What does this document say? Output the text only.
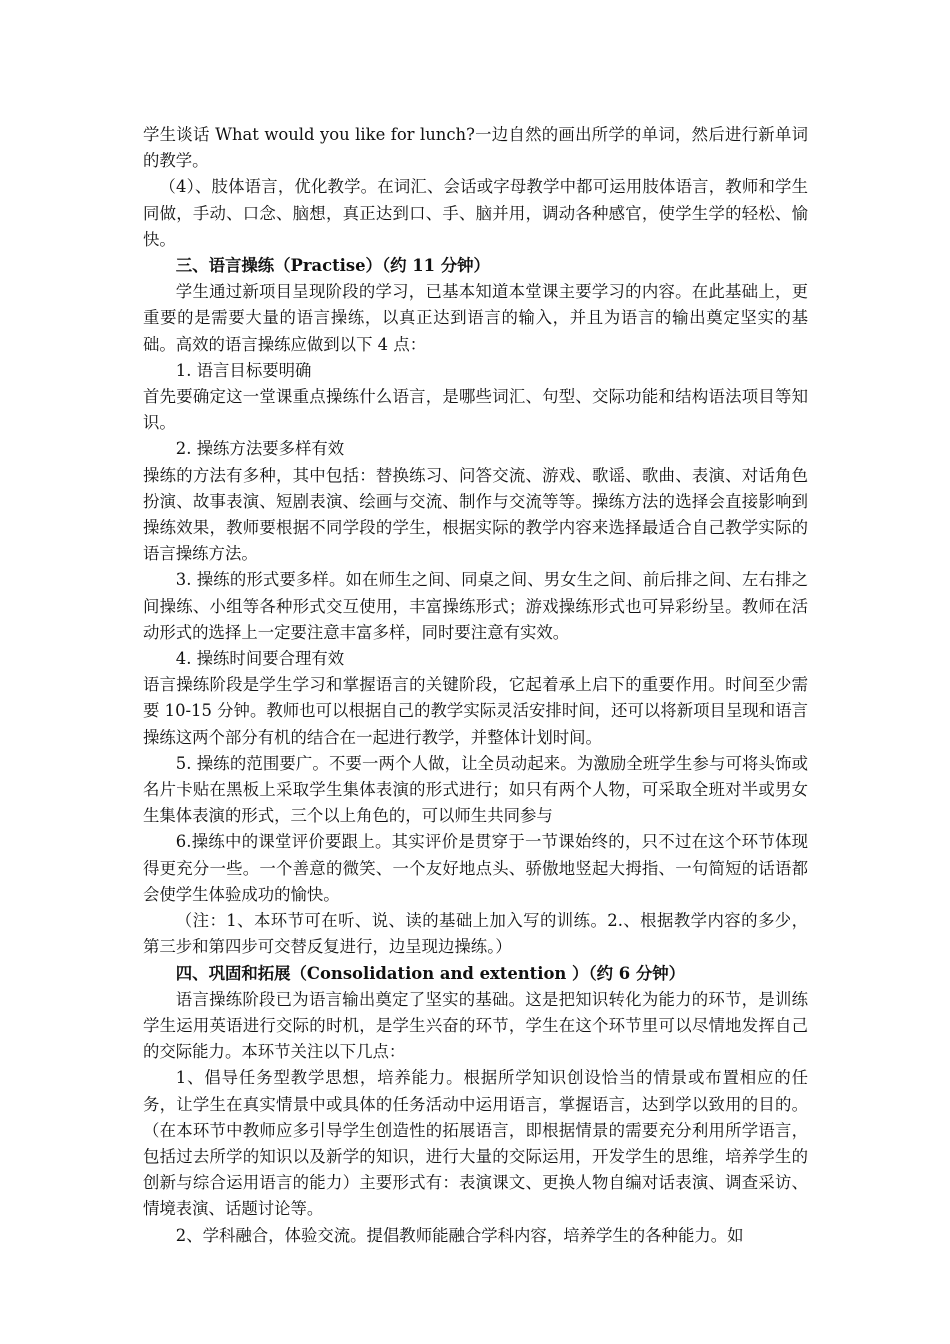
学生谈话 What would you like for lunch?一边自然的画出所学的单词，然后进行新单词的教学。

（4）、肢体语言，优化教学。在词汇、会话或字母教学中都可运用肢体语言，教师和学生同做，手动、口念、脑想，真正达到口、手、脑并用，调动各种感官，使学生学的轻松、愉快。

三、语言操练（Practise）（约 11 分钟）

学生通过新项目呈现阶段的学习，已基本知道本堂课主要学习的内容。在此基础上，更重要的是需要大量的语言操练，以真正达到语言的输入，并且为语言的输出奠定坚实的基础。高效的语言操练应做到以下 4 点：

1. 语言目标要明确

首先要确定这一堂课重点操练什么语言，是哪些词汇、句型、交际功能和结构语法项目等知识。

2. 操练方法要多样有效

操练的方法有多种，其中包括：替换练习、问答交流、游戏、歌谣、歌曲、表演、对话角色扮演、故事表演、短剧表演、绘画与交流、制作与交流等等。操练方法的选择会直接影响到操练效果，教师要根据不同学段的学生，根据实际的教学内容来选择最适合自己教学实际的语言操练方法。

3. 操练的形式要多样。如在师生之间、同桌之间、男女生之间、前后排之间、左右排之间操练、小组等各种形式交互使用，丰富操练形式；游戏操练形式也可异彩纷呈。教师在活动形式的选择上一定要注意丰富多样，同时要注意有实效。

4. 操练时间要合理有效

语言操练阶段是学生学习和掌握语言的关键阶段，它起着承上启下的重要作用。时间至少需要 10-15 分钟。教师也可以根据自己的教学实际灵活安排时间，还可以将新项目呈现和语言操练这两个部分有机的结合在一起进行教学，并整体计划时间。

5. 操练的范围要广。不要一两个人做，让全员动起来。为激励全班学生参与可将头饰或名片卡贴在黑板上采取学生集体表演的形式进行；如只有两个人物，可采取全班对半或男女生集体表演的形式，三个以上角色的，可以师生共同参与

6.操练中的课堂评价要跟上。其实评价是贯穿于一节课始终的，只不过在这个环节体现得更充分一些。一个善意的微笑、一个友好地点头、骄傲地竖起大拇指、一句简短的话语都会使学生体验成功的愉快。

（注：1、本环节可在听、说、读的基础上加入写的训练。2.、根据教学内容的多少，第三步和第四步可交替反复进行，边呈现边操练。）

四、巩固和拓展（Consolidation and extention ）（约 6 分钟）

语言操练阶段已为语言输出奠定了坚实的基础。这是把知识转化为能力的环节，是训练学生运用英语进行交际的时机，是学生兴奋的环节，学生在这个环节里可以尽情地发挥自己的交际能力。本环节关注以下几点：

1、倡导任务型教学思想，培养能力。根据所学知识创设恰当的情景或布置相应的任务，让学生在真实情景中或具体的任务活动中运用语言，掌握语言，达到学以致用的目的。（在本环节中教师应多引导学生创造性的拓展语言，即根据情景的需要充分利用所学语言，包括过去所学的知识以及新学的知识，进行大量的交际运用，开发学生的思维，培养学生的创新与综合运用语言的能力）主要形式有：表演课文、更换人物自编对话表演、调查采访、情境表演、话题讨论等。

2、学科融合，体验交流。提倡教师能融合学科内容，培养学生的各种能力。如
